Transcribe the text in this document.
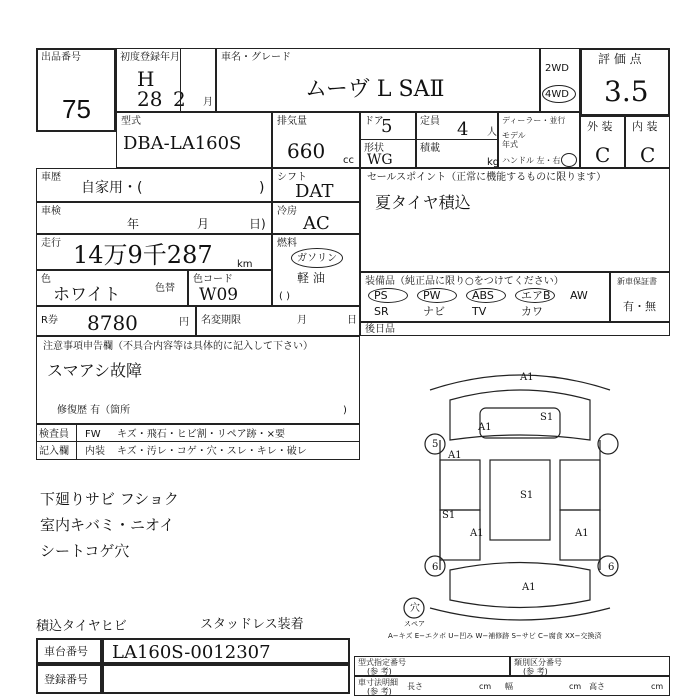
出品番号
75
初度登録年月
H
28 2 月
車名・グレード
ムーヴ L SAⅡ
2WD
4WD
評 価 点
3.5
型式
DBA-LA160S
排気量
660 cc
ドア
5
形状
WG
定員 4 人
積載
kg
ディーラー・並行
モデル年式
ハンドル 左・右
外 装
C
内 装
C
車歴
自家用・(	)
シフト
DAT
車検
年	月	日)
冷房
AC
走行 14万9千287 km
燃料
ガソリン
軽 油
( )
色
ホワイト	色替
色コード
W09
R券 8780	円 名変期限	月	日
セールスポイント（正常に機能するものに限ります）
夏タイヤ積込
装備品（純正品に限り○をつけてください）	新車保証書
有・無
PS	PW	ABS エアB AW
SR	ナビ TV	カワ
後日品
注意事項申告欄（不具合内容等は具体的に記入して下さい）
スマアシ故障
修復歴 有（箇所	)
検査員
記入欄
FW キズ・飛石・ヒビ割・リペア跡・×要
内装 キズ・汚レ・コゲ・穴・スレ・キレ・破レ
下廻りサビ フショク
室内キバミ・ニオイ
シートコゲ穴
積込タイヤヒビ	スタッドレス装着
A1
A1
S1
A1
5
S1
S1
6
A1	A1
6
A1
穴
スペア
A−キズ E−エクボ U−凹み W−補修跡 S−サビ C−腐食 XX−交換済
車台番号 LA160S-0012307
登録番号
型式指定番号
(参 考)
類別区分番号
(参 考)
車寸法明細
(参 考)
長さ	cm 幅	cm 高さ	cm
